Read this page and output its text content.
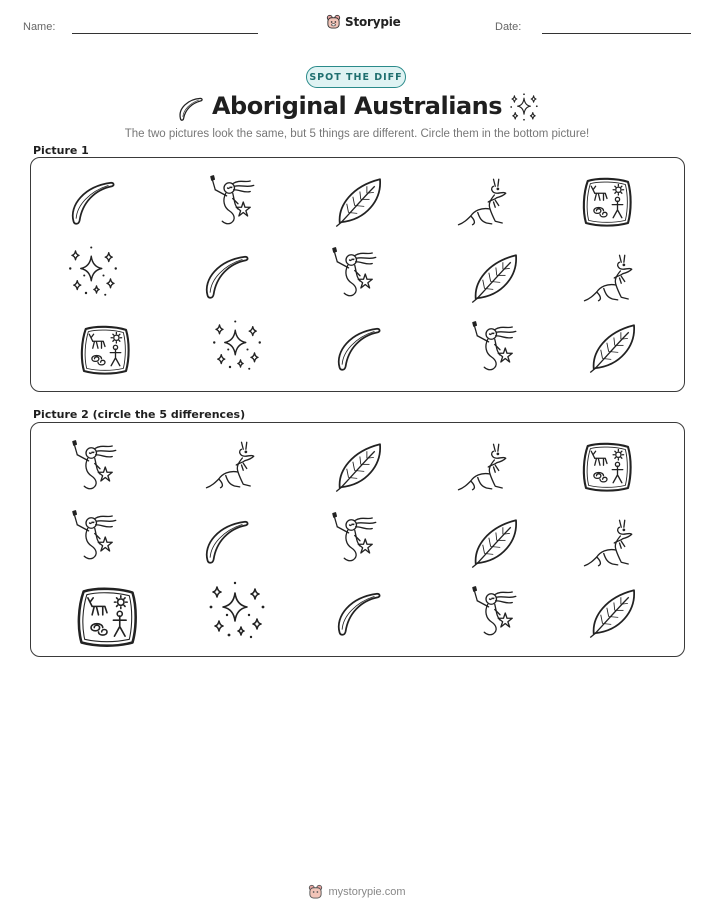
Name:	Storypie	Date:
SPOT THE DIFF
Aboriginal Australians
The two pictures look the same, but 5 things are different. Circle them in the bottom picture!
Picture 1
Picture 2 (circle the 5 differences)
mystorypie.com
